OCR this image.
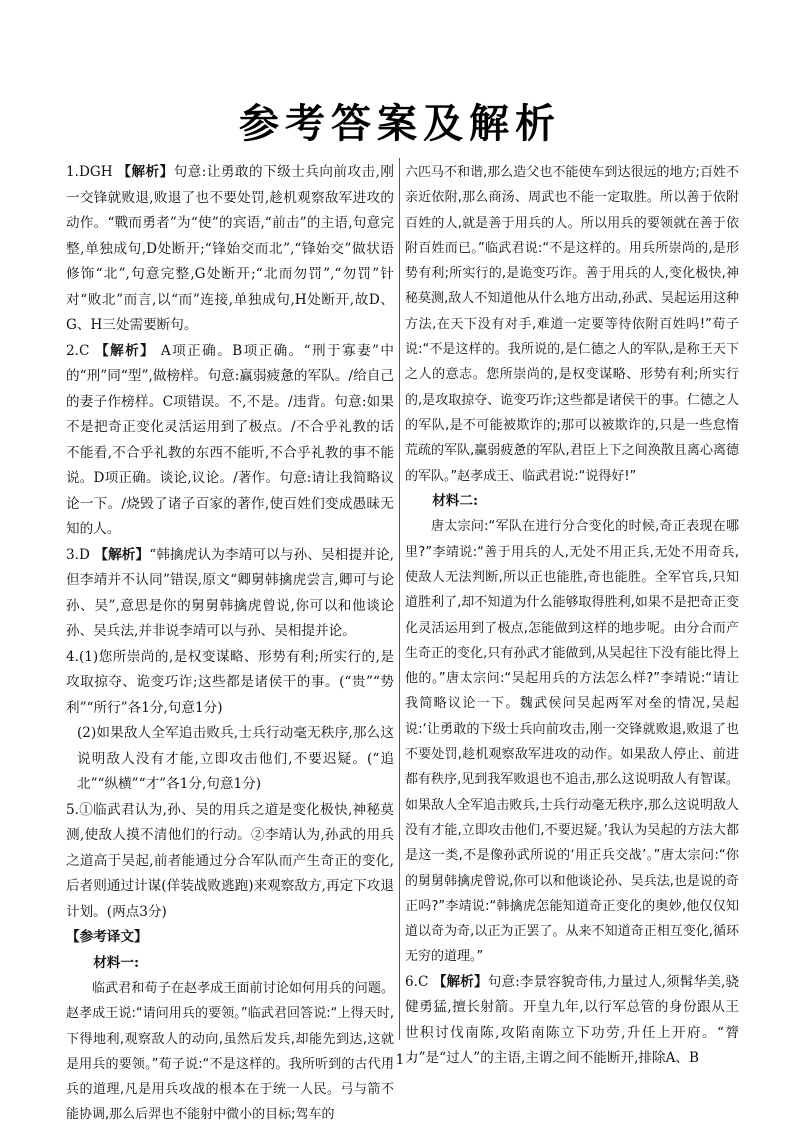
参考答案及解析

1.DGH 【解析】句意:让勇敢的下级士兵向前攻击,刚一交锋就败退,败退了也不要处罚,趁机观察敌军进攻的动作。“戰而勇者”为“使”的宾语,“前击”的主语,句意完整,单独成句,D处断开;“锋始交而北”,“锋始交”做状语修饰“北”,句意完整,G处断开;“北而勿罚”,“勿罚”针对“败北”而言,以“而”连接,单独成句,H处断开,故D、G、H三处需要断句。

2.C 【解析】 A项正确。B项正确。“刑于寡妻”中的“刑”同“型”,做榜样。句意:赢弱疲惫的军队。/给自己的妻子作榜样。C项错误。不,不是。/违背。句意:如果不是把奇正变化灵活运用到了极点。/不合乎礼教的话不能看,不合乎礼教的东西不能听,不合乎礼教的事不能说。D项正确。谈论,议论。/著作。句意:请让我简略议论一下。/烧毁了诸子百家的著作,使百姓们变成愚昧无知的人。

3.D 【解析】“韩擒虎认为李靖可以与孙、吴相提并论,但李靖并不认同”错误,原文“卿舅韩擒虎尝言,卿可与论孙、吴”,意思是你的舅舅韩擒虎曾说,你可以和他谈论孙、吴兵法,并非说李靖可以与孙、吴相提并论。

4.(1)您所崇尚的,是权变谋略、形势有利;所实行的,是攻取掠夺、诡变巧诈;这些都是诸侯干的事。(“贵”“势利”“所行”各1分,句意1分)

(2)如果敌人全军追击败兵,士兵行动毫无秩序,那么这说明敌人没有才能,立即攻击他们,不要迟疑。(“追北”“纵横”“才”各1分,句意1分)

5.①临武君认为,孙、吴的用兵之道是变化极快,神秘莫测,使敌人摸不清他们的行动。②李靖认为,孙武的用兵之道高于吴起,前者能通过分合军队而产生奇正的变化,后者则通过计谋(佯装战败逃跑)来观察敌方,再定下攻退计划。(两点3分)

【参考译文】

材料一:

临武君和荀子在赵孝成王面前讨论如何用兵的问题。赵孝成王说:“请问用兵的要领。”临武君回答说:“上得天时,下得地利,观察敌人的动向,虽然后发兵,却能先到达,这就是用兵的要领。”荀子说:“不是这样的。我所听到的古代用兵的道理,凡是用兵攻战的根本在于统一人民。弓与箭不能协调,那么后羿也不能射中微小的目标;驾车的

六匹马不和谐,那么造父也不能使车到达很远的地方;百姓不亲近依附,那么商汤、周武也不能一定取胜。所以善于依附百姓的人,就是善于用兵的人。所以用兵的要领就在善于依附百姓而已。”临武君说:“不是这样的。用兵所崇尚的,是形势有利;所实行的,是诡变巧诈。善于用兵的人,变化极快,神秘莫测,敌人不知道他从什么地方出动,孙武、吴起运用这种方法,在天下没有对手,难道一定要等待依附百姓吗!”荀子说:“不是这样的。我所说的,是仁德之人的军队,是称王天下之人的意志。您所崇尚的,是权变谋略、形势有利;所实行的,是攻取掠夺、诡变巧诈;这些都是诸侯干的事。仁德之人的军队,是不可能被欺诈的;那可以被欺诈的,只是一些怠惰荒疏的军队,赢弱疲惫的军队,君臣上下之间涣散且离心离德的军队。”赵孝成王、临武君说:“说得好!”

材料二:

唐太宗问:“军队在进行分合变化的时候,奇正表现在哪里?”李靖说:“善于用兵的人,无处不用正兵,无处不用奇兵,使敌人无法判断,所以正也能胜,奇也能胜。全军官兵,只知道胜利了,却不知道为什么能够取得胜利,如果不是把奇正变化灵活运用到了极点,怎能做到这样的地步呢。由分合而产生奇正的变化,只有孙武才能做到,从吴起往下没有能比得上他的。”唐太宗问:“吴起用兵的方法怎么样?”李靖说:“请让我简略议论一下。魏武侯问吴起两军对垒的情况,吴起说:‘让勇敢的下级士兵向前攻击,刚一交锋就败退,败退了也不要处罚,趁机观察敌军进攻的动作。如果敌人停止、前进都有秩序,见到我军败退也不追击,那么这说明敌人有智谋。如果敌人全军追击败兵,士兵行动毫无秩序,那么这说明敌人没有才能,立即攻击他们,不要迟疑。’我认为吴起的方法大都是这一类,不是像孙武所说的‘用正兵交战’。”唐太宗问:“你的舅舅韩擒虎曾说,你可以和他谈论孙、吴兵法,也是说的奇正吗?”李靖说:“韩擒虎怎能知道奇正变化的奥妙,他仅仅知道以奇为奇,以正为正罢了。从来不知道奇正相互变化,循环无穷的道理。”

6.C 【解析】句意:李景容貌奇伟,力量过人,须髯华美,骁健勇猛,擅长射箭。开皇九年,以行军总管的身份跟从王世积讨伐南陈,攻陷南陈立下功劳,升任上开府。“膂力”是“过人”的主语,主谓之间不能断开,排除A、B

· 1 ·
